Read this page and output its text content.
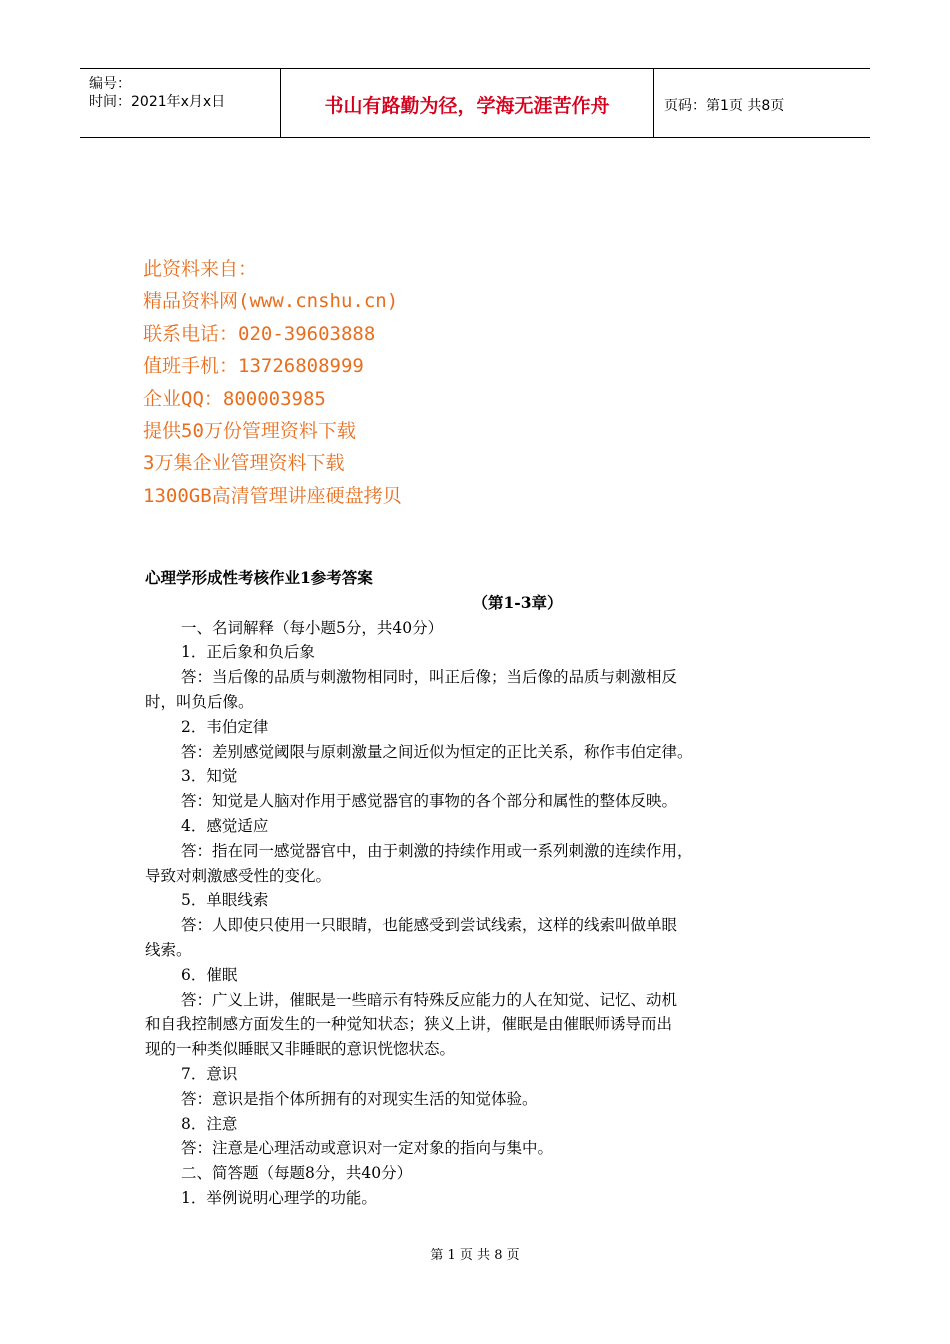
编号：
时间：2021年x月x日	书山有路勤为径，学海无涯苦作舟	页码：第1页 共8页
此资料来自：
精品资料网(www.cnshu.cn)
联系电话：020-39603888
值班手机：13726808999
企业QQ：800003985
提供50万份管理资料下载
3万集企业管理资料下载
1300GB高清管理讲座硬盘拷贝
心理学形成性考核作业1参考答案
（第1-3章）
一、名词解释（每小题5分，共40分）
1．正后象和负后象
答：当后像的品质与刺激物相同时，叫正后像；当后像的品质与刺激相反
时，叫负后像。
2．韦伯定律
答：差别感觉阈限与原刺激量之间近似为恒定的正比关系，称作韦伯定律。
3．知觉
答：知觉是人脑对作用于感觉器官的事物的各个部分和属性的整体反映。
4．感觉适应
答：指在同一感觉器官中，由于刺激的持续作用或一系列刺激的连续作用，
导致对刺激感受性的变化。
5．单眼线索
答：人即使只使用一只眼睛，也能感受到尝试线索，这样的线索叫做单眼
线索。
6．催眠
答：广义上讲，催眠是一些暗示有特殊反应能力的人在知觉、记忆、动机
和自我控制感方面发生的一种觉知状态；狭义上讲，催眠是由催眠师诱导而出
现的一种类似睡眠又非睡眠的意识恍惚状态。
7．意识
答：意识是指个体所拥有的对现实生活的知觉体验。
8．注意
答：注意是心理活动或意识对一定对象的指向与集中。
二、简答题（每题8分，共40分）
1．举例说明心理学的功能。
第 1 页 共 8 页
